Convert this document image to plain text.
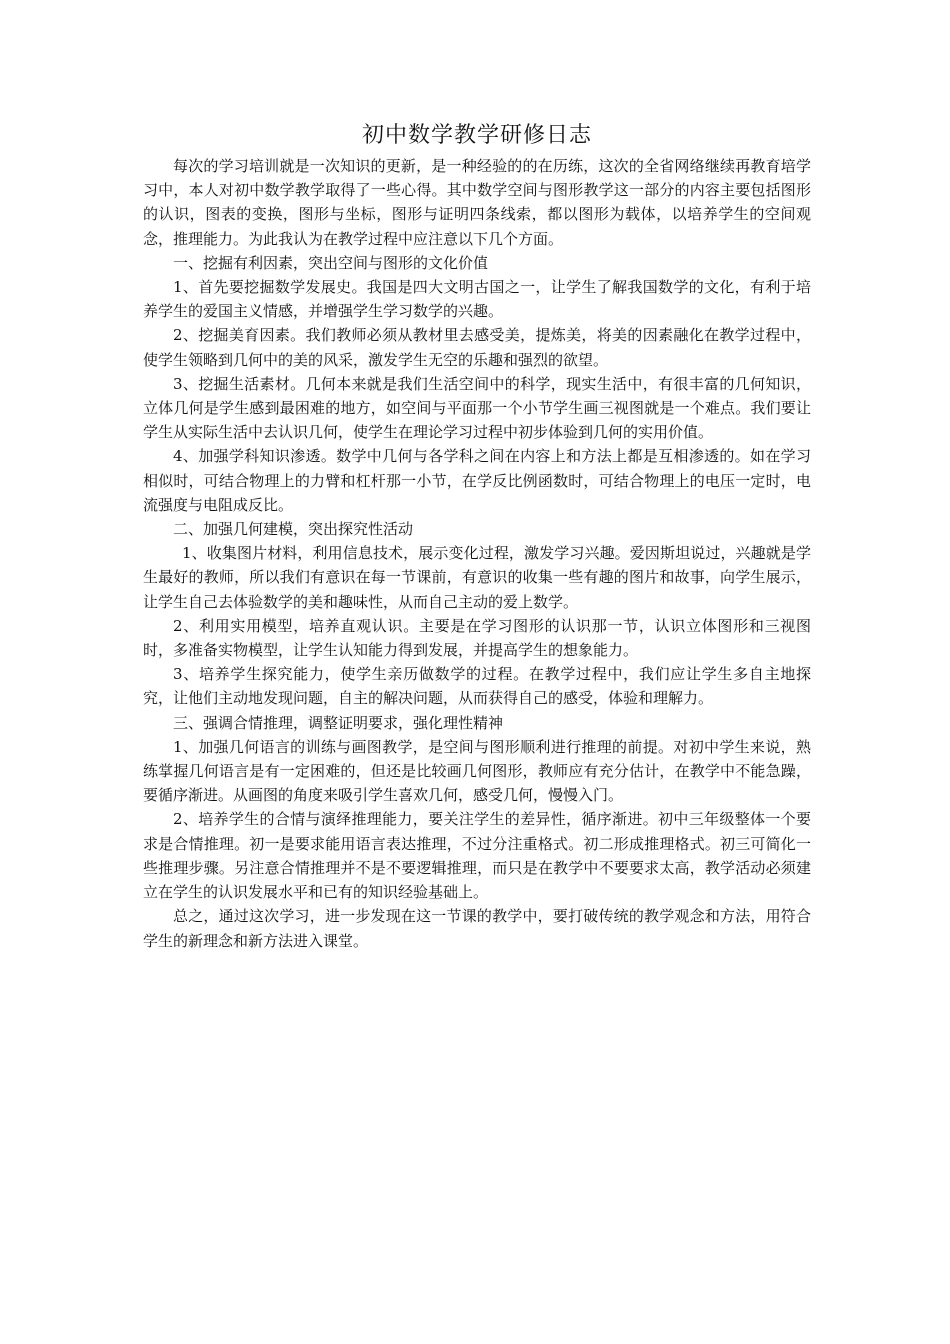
初中数学教学研修日志

每次的学习培训就是一次知识的更新，是一种经验的的在历练，这次的全省网络继续再教育培学习中，本人对初中数学教学取得了一些心得。其中数学空间与图形教学这一部分的内容主要包括图形的认识，图表的变换，图形与坐标，图形与证明四条线索，都以图形为载体，以培养学生的空间观念，推理能力。为此我认为在教学过程中应注意以下几个方面。

一、挖掘有利因素，突出空间与图形的文化价值

1、首先要挖掘数学发展史。我国是四大文明古国之一，让学生了解我国数学的文化，有利于培养学生的爱国主义情感，并增强学生学习数学的兴趣。

2、挖掘美育因素。我们教师必须从教材里去感受美，提炼美，将美的因素融化在教学过程中，使学生领略到几何中的美的风采，激发学生无空的乐趣和强烈的欲望。

3、挖掘生活素材。几何本来就是我们生活空间中的科学，现实生活中，有很丰富的几何知识，立体几何是学生感到最困难的地方，如空间与平面那一个小节学生画三视图就是一个难点。我们要让学生从实际生活中去认识几何，使学生在理论学习过程中初步体验到几何的实用价值。

4、加强学科知识渗透。数学中几何与各学科之间在内容上和方法上都是互相渗透的。如在学习相似时，可结合物理上的力臂和杠杆那一小节，在学反比例函数时，可结合物理上的电压一定时，电流强度与电阻成反比。

二、加强几何建模，突出探究性活动

1、收集图片材料，利用信息技术，展示变化过程，激发学习兴趣。爱因斯坦说过，兴趣就是学生最好的教师，所以我们有意识在每一节课前，有意识的收集一些有趣的图片和故事，向学生展示，让学生自己去体验数学的美和趣味性，从而自己主动的爱上数学。

2、利用实用模型，培养直观认识。主要是在学习图形的认识那一节，认识立体图形和三视图时，多准备实物模型，让学生认知能力得到发展，并提高学生的想象能力。

3、培养学生探究能力，使学生亲历做数学的过程。在教学过程中，我们应让学生多自主地探究，让他们主动地发现问题，自主的解决问题，从而获得自己的感受，体验和理解力。

三、强调合情推理，调整证明要求，强化理性精神

1、加强几何语言的训练与画图教学，是空间与图形顺利进行推理的前提。对初中学生来说，熟练掌握几何语言是有一定困难的，但还是比较画几何图形，教师应有充分估计，在教学中不能急躁，要循序渐进。从画图的角度来吸引学生喜欢几何，感受几何，慢慢入门。

2、培养学生的合情与演绎推理能力，要关注学生的差异性，循序渐进。初中三年级整体一个要求是合情推理。初一是要求能用语言表达推理，不过分注重格式。初二形成推理格式。初三可简化一些推理步骤。另注意合情推理并不是不要逻辑推理，而只是在教学中不要要求太高，教学活动必须建立在学生的认识发展水平和已有的知识经验基础上。

总之，通过这次学习，进一步发现在这一节课的教学中，要打破传统的教学观念和方法，用符合学生的新理念和新方法进入课堂。
